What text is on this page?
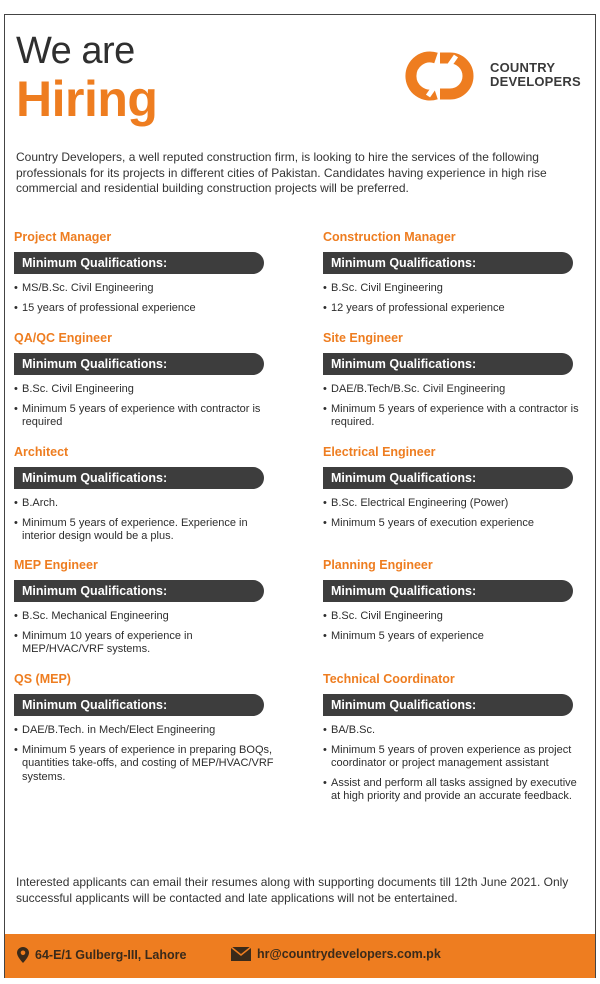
We are
Hiring
COUNTRY
DEVELOPERS
Country Developers, a well reputed construction firm, is looking to hire the services of the following professionals for its projects in different cities of Pakistan. Candidates having experience in high rise commercial and residential building construction projects will be preferred.
Project Manager
Minimum Qualifications:
• MS/B.Sc. Civil Engineering
• 15 years of professional experience
Construction Manager
Minimum Qualifications:
• B.Sc. Civil Engineering
• 12 years of professional experience
QA/QC Engineer
Minimum Qualifications:
• B.Sc. Civil Engineering
• Minimum 5 years of experience with contractor is required
Site Engineer
Minimum Qualifications:
• DAE/B.Tech/B.Sc. Civil Engineering
• Minimum 5 years of experience with a contractor is required.
Architect
Minimum Qualifications:
• B.Arch.
• Minimum 5 years of experience. Experience in interior design would be a plus.
Electrical Engineer
Minimum Qualifications:
• B.Sc. Electrical Engineering (Power)
• Minimum 5 years of execution experience
MEP Engineer
Minimum Qualifications:
• B.Sc. Mechanical Engineering
• Minimum 10 years of experience in MEP/HVAC/VRF systems.
Planning Engineer
Minimum Qualifications:
• B.Sc. Civil Engineering
• Minimum 5 years of experience
QS (MEP)
Minimum Qualifications:
• DAE/B.Tech. in Mech/Elect Engineering
• Minimum 5 years of experience in preparing BOQs, quantities take-offs, and costing of MEP/HVAC/VRF systems.
Technical Coordinator
Minimum Qualifications:
• BA/B.Sc.
• Minimum 5 years of proven experience as project coordinator or project management assistant
• Assist and perform all tasks assigned by executive at high priority and provide an accurate feedback.
Interested applicants can email their resumes along with supporting documents till 12th June 2021. Only successful applicants will be contacted and late applications will not be entertained.
64-E/1 Gulberg-III, Lahore	hr@countrydevelopers.com.pk
